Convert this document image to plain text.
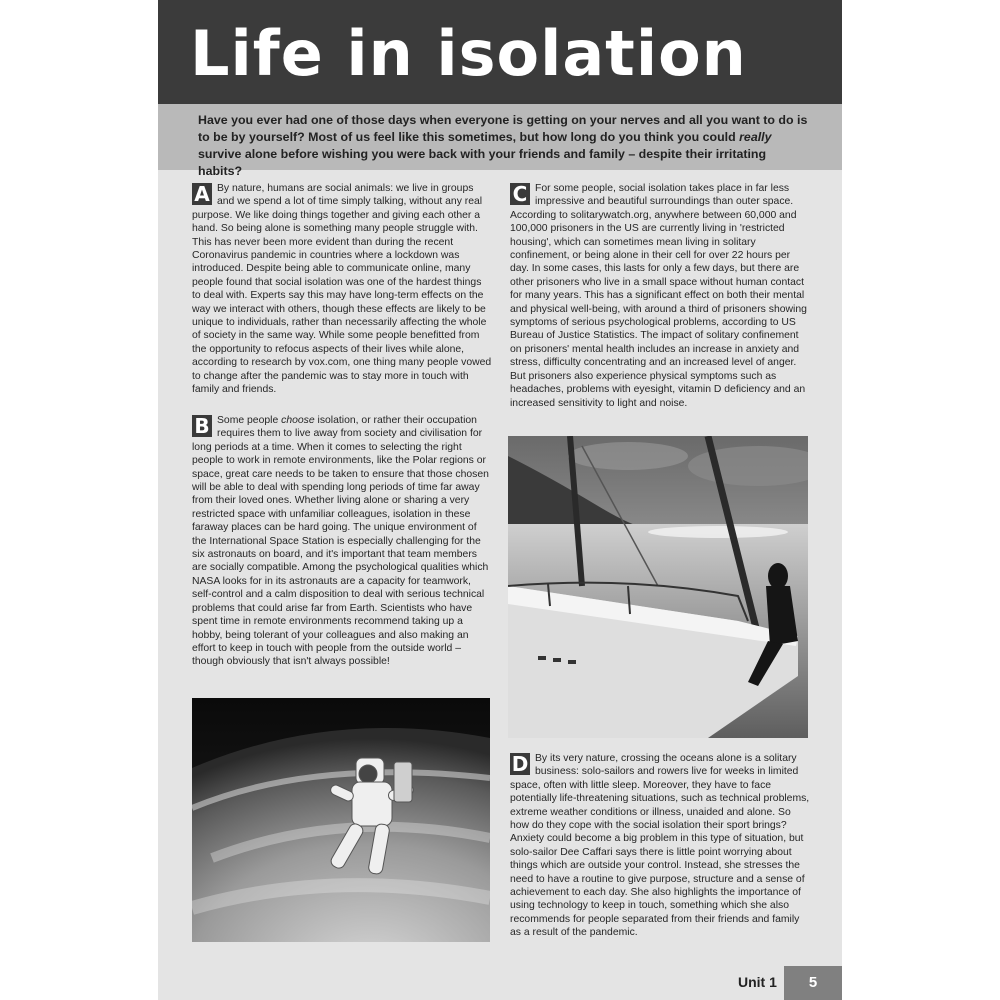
Life in isolation
Have you ever had one of those days when everyone is getting on your nerves and all you want to do is to be by yourself? Most of us feel like this sometimes, but how long do you think you could really survive alone before wishing you were back with your friends and family – despite their irritating habits?
A By nature, humans are social animals: we live in groups and we spend a lot of time simply talking, without any real purpose. We like doing things together and giving each other a hand. So being alone is something many people struggle with. This has never been more evident than during the recent Coronavirus pandemic in countries where a lockdown was introduced. Despite being able to communicate online, many people found that social isolation was one of the hardest things to deal with. Experts say this may have long-term effects on the way we interact with others, though these effects are likely to be unique to individuals, rather than necessarily affecting the whole of society in the same way. While some people benefitted from the opportunity to refocus aspects of their lives while alone, according to research by vox.com, one thing many people vowed to change after the pandemic was to stay more in touch with family and friends.

B Some people choose isolation, or rather their occupation requires them to live away from society and civilisation for long periods at a time. When it comes to selecting the right people to work in remote environments, like the Polar regions or space, great care needs to be taken to ensure that those chosen will be able to deal with spending long periods of time far away from their loved ones. Whether living alone or sharing a very restricted space with unfamiliar colleagues, isolation in these faraway places can be hard going. The unique environment of the International Space Station is especially challenging for the six astronauts on board, and it's important that team members are socially compatible. Among the psychological qualities which NASA looks for in its astronauts are a capacity for teamwork, self-control and a calm disposition to deal with serious technical problems that could arise far from Earth. Scientists who have spent time in remote environments recommend taking up a hobby, being tolerant of your colleagues and also making an effort to keep in touch with people from the outside world – though obviously that isn't always possible!

C For some people, social isolation takes place in far less impressive and beautiful surroundings than outer space. According to solitarywatch.org, anywhere between 60,000 and 100,000 prisoners in the US are currently living in 'restricted housing', which can sometimes mean living in solitary confinement, or being alone in their cell for over 22 hours per day. In some cases, this lasts for only a few days, but there are other prisoners who live in a small space without human contact for many years. This has a significant effect on both their mental and physical well-being, with around a third of prisoners showing symptoms of serious psychological problems, according to US Bureau of Justice Statistics. The impact of solitary confinement on prisoners' mental health includes an increase in anxiety and stress, difficulty concentrating and an increased level of anger. But prisoners also experience physical symptoms such as headaches, problems with eyesight, vitamin D deficiency and an increased sensitivity to light and noise.

D By its very nature, crossing the oceans alone is a solitary business: solo-sailors and rowers live for weeks in limited space, often with little sleep. Moreover, they have to face potentially life-threatening situations, such as technical problems, extreme weather conditions or illness, unaided and alone. So how do they cope with the social isolation their sport brings? Anxiety could become a big problem in this type of situation, but solo-sailor Dee Caffari says there is little point worrying about things which are outside your control. Instead, she stresses the need to have a routine to give purpose, structure and a sense of achievement to each day. She also highlights the importance of using technology to keep in touch, something which she also recommends for people separated from their friends and family as a result of the pandemic.

Unit 1	5
